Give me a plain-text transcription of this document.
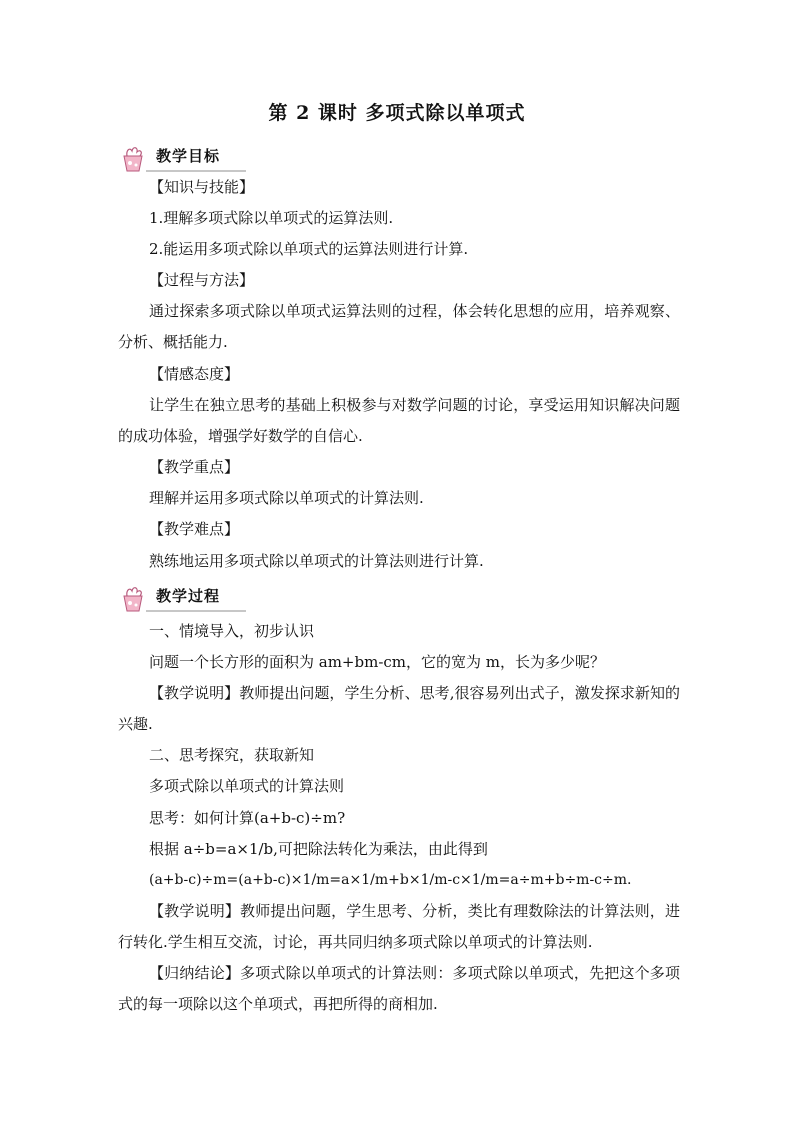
第 2 课时 多项式除以单项式
教学目标
【知识与技能】
1.理解多项式除以单项式的运算法则.
2.能运用多项式除以单项式的运算法则进行计算.
【过程与方法】
通过探索多项式除以单项式运算法则的过程，体会转化思想的应用，培养观察、分析、概括能力.
【情感态度】
让学生在独立思考的基础上积极参与对数学问题的讨论，享受运用知识解决问题的成功体验，增强学好数学的自信心.
【教学重点】
理解并运用多项式除以单项式的计算法则.
【教学难点】
熟练地运用多项式除以单项式的计算法则进行计算.
教学过程
一、情境导入，初步认识
问题一个长方形的面积为 am+bm-cm，它的宽为 m，长为多少呢？
【教学说明】教师提出问题，学生分析、思考,很容易列出式子，激发探求新知的兴趣.
二、思考探究，获取新知
多项式除以单项式的计算法则
思考：如何计算(a+b-c)÷m?
根据 a÷b=a×1/b,可把除法转化为乘法，由此得到
(a+b-c)÷m=(a+b-c)×1/m=a×1/m+b×1/m-c×1/m=a÷m+b÷m-c÷m.
【教学说明】教师提出问题，学生思考、分析，类比有理数除法的计算法则，进行转化.学生相互交流，讨论，再共同归纳多项式除以单项式的计算法则.
【归纳结论】多项式除以单项式的计算法则：多项式除以单项式，先把这个多项式的每一项除以这个单项式，再把所得的商相加.
